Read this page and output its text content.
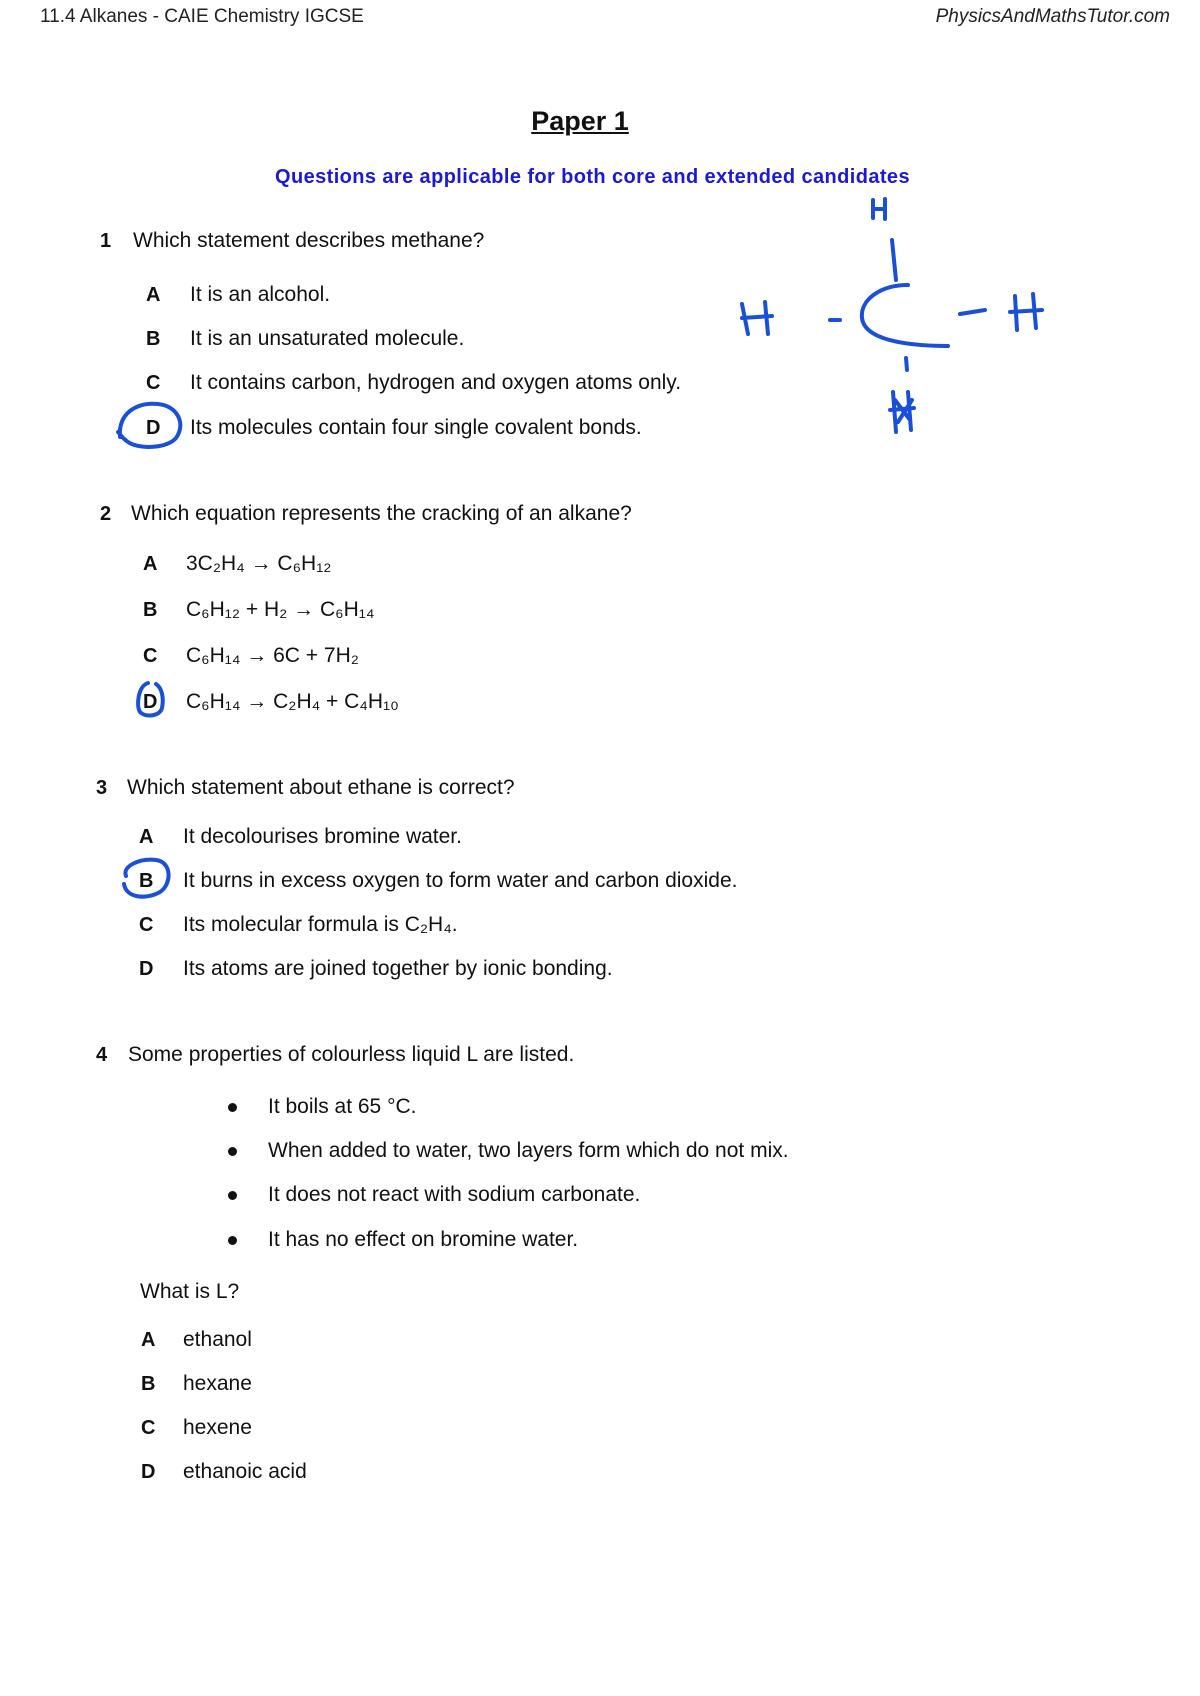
11.4 Alkanes - CAIE Chemistry IGCSE	PhysicsAndMathsTutor.com
Paper 1
Questions are applicable for both core and extended candidates
1 Which statement describes methane?
A It is an alcohol.
B It is an unsaturated molecule.
C It contains carbon, hydrogen and oxygen atoms only.
D Its molecules contain four single covalent bonds.
2 Which equation represents the cracking of an alkane?
A 3C₂H₄ → C₆H₁₂
B C₆H₁₂ + H₂ → C₆H₁₄
C C₆H₁₄ → 6C + 7H₂
D C₆H₁₄ → C₂H₄ + C₄H₁₀
3 Which statement about ethane is correct?
A It decolourises bromine water.
B It burns in excess oxygen to form water and carbon dioxide.
C Its molecular formula is C₂H₄.
D Its atoms are joined together by ionic bonding.
4 Some properties of colourless liquid L are listed.
It boils at 65 °C.
When added to water, two layers form which do not mix.
It does not react with sodium carbonate.
It has no effect on bromine water.
What is L?
A ethanol
B hexane
C hexene
D ethanoic acid
